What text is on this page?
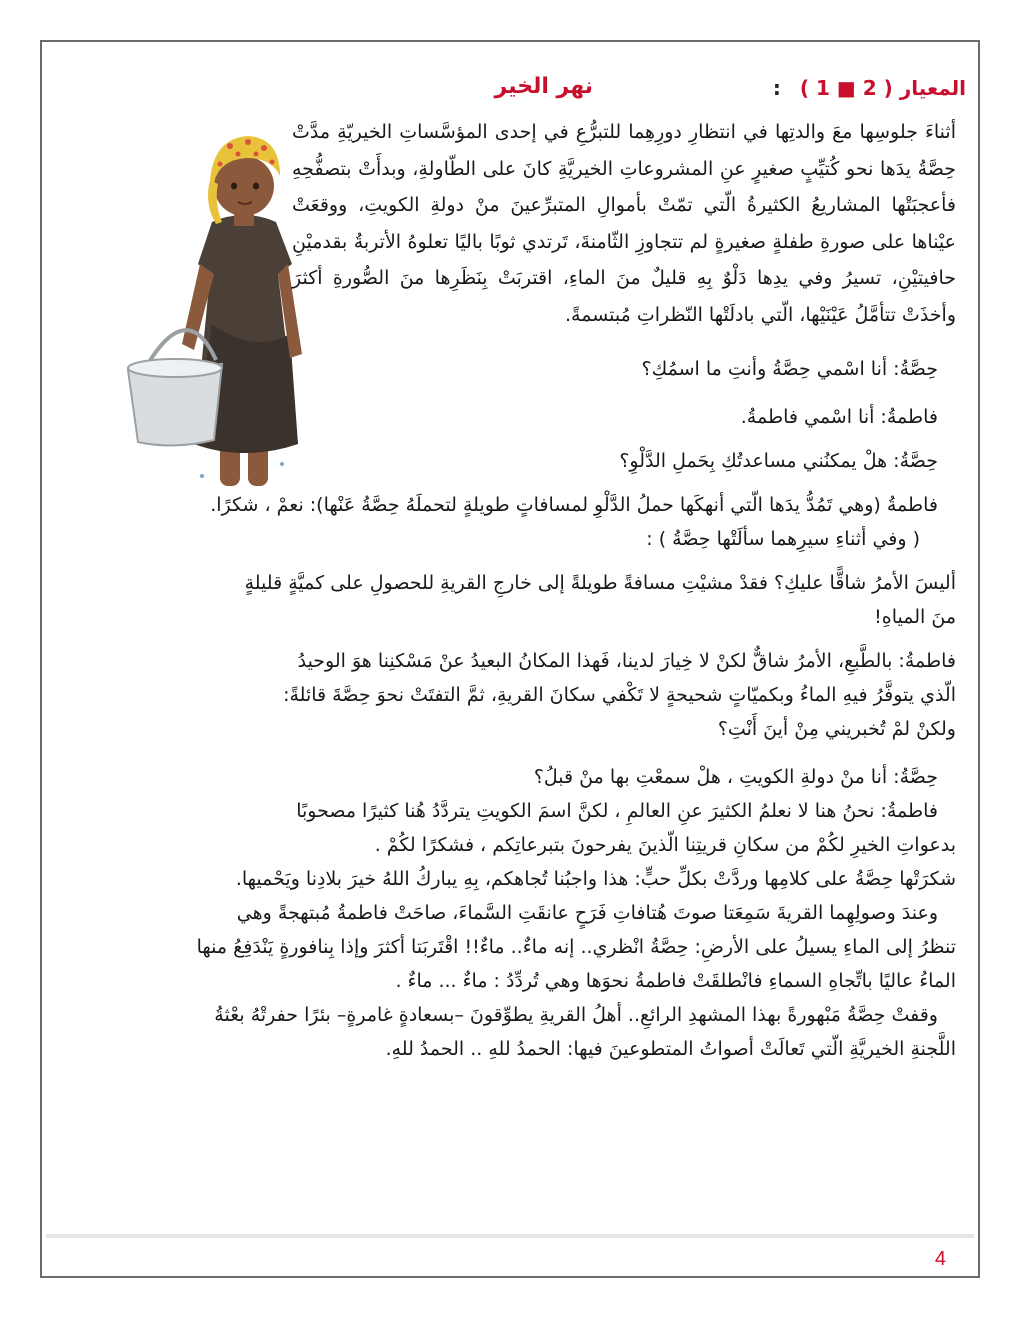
المعيار ( 2 ■ 1 ) :
نهر الخير

أثناءَ جلوسِها معَ والدتِها في انتظارِ دورِهِما للتبرُّعِ في إحدى المؤسَّساتِ الخيريّةِ مدَّتْ حِصَّةُ يدَها نحو كُتيِّبٍ صغيرٍ عنِ المشروعاتِ الخيريَّةِ كانَ على الطّاولةِ، وبدأَتْ بتصفُّحِهِ فأعجبَتْها المشاريعُ الكثيرةُ الّتي تمّتْ بأموالِ المتبرِّعينَ منْ دولةِ الكويتِ، ووقعَتْ عيْناها على صورةِ طفلةٍ صغيرةٍ لم تتجاوزِ الثّامنةَ، تَرتدي ثوبًا باليًا تعلوهُ الأتربةُ بقدميْنِ حافيتيْنِ، تسيرُ وفي يدِها دَلْوٌ بِهِ قليلٌ منَ الماءِ، اقتربَتْ بِنَظَرِها منَ الصُّورةِ أكثرَ وأخذَتْ تتأمَّلُ عَيْنَيْها، الّتي بادلَتْها النّظراتِ مُبتسمةً.

حِصَّةُ: أنا اسْمي حِصَّةُ وأنتِ ما اسمُكِ؟

فاطمةُ: أنا اسْمي فاطمةُ.

حِصَّةُ: هلْ يمكنُني مساعدتُكِ بِحَملِ الدَّلْوِ؟

فاطمةُ (وهي تَمُدُّ يدَها الّتي أنهكَها حملُ الدَّلْوِ لمسافاتٍ طويلةٍ لتحملَهُ حِصَّةُ عَنْها): نعمْ ، شكرًا.

( وفي أثناءِ سيرِهما سألَتْها حِصَّةُ ) :

أليسَ الأمرُ شاقًّا عليكِ؟ فقدْ مشيْتِ مسافةً طويلةً إلى خارجِ القريةِ للحصولِ على كميَّةٍ قليلةٍ

منَ المياهِ!

فاطمةُ: بالطَّبعِ، الأمرُ شاقٌّ لكنْ لا خِيارَ لدينا، فَهذا المكانُ البعيدُ عنْ مَسْكنِنا هوَ الوحيدُ

الّذي يتوفَّرُ فيهِ الماءُ وبكميّاتٍ شحيحةٍ لا تَكْفي سكانَ القريةِ، ثمَّ التفتَتْ نحوَ حِصَّةَ قائلةً:

ولكنْ لمْ تُخبريني مِنْ أينَ أَنْتِ؟

حِصَّةُ: أنا منْ دولةِ الكويتِ ، هلْ سمعْتِ بها منْ قبلُ؟

فاطمةُ: نحنُ هنا لا نعلمُ الكثيرَ عنِ العالمِ ، لكنَّ اسمَ الكويتِ يتردَّدُ هُنا كثيرًا مصحوبًا

بدعواتِ الخيرِ لكُمْ من سكانِ قريتِنا الّذينَ يفرحونَ بتبرعاتِكم ، فشكرًا لكُمْ .

شكرَتْها حِصَّةُ على كلامِها وردَّتْ بكلِّ حبٍّ: هذا واجبُنا تُجاهكم، بِهِ يباركُ اللهُ خيرَ بلادِنا ويَحْميها.

وعندَ وصولِهِما القريةَ سَمِعَتا صوتَ هُتافاتِ فَرَحٍ عانقَتِ السَّماءَ، صاحَتْ فاطمةُ مُبتهجةً وهي

تنظرُ إلى الماءِ يسيلُ على الأرضِ: حِصَّةُ انْظري.. إنه ماءٌ.. ماءٌ!! اقْتَربَتا أكثرَ وإذا بِنافورةٍ يَنْدَفِعُ منها

الماءُ عاليًا باتِّجاهِ السماءِ فانْطلقَتْ فاطمةُ نحوَها وهي تُردِّدُ : ماءٌ ... ماءٌ .

وقفتْ حِصَّةُ مَبْهورةً بهذا المشهدِ الرائعِ.. أهلُ القريةِ يطوِّقونَ –بسعادةٍ غامرةٍ– بئرًا حفرتْهُ بعْثةُ

اللَّجنةِ الخيريَّةِ الّتي تَعالَتْ أصواتُ المتطوعينَ فيها: الحمدُ للهِ .. الحمدُ للهِ.

4
